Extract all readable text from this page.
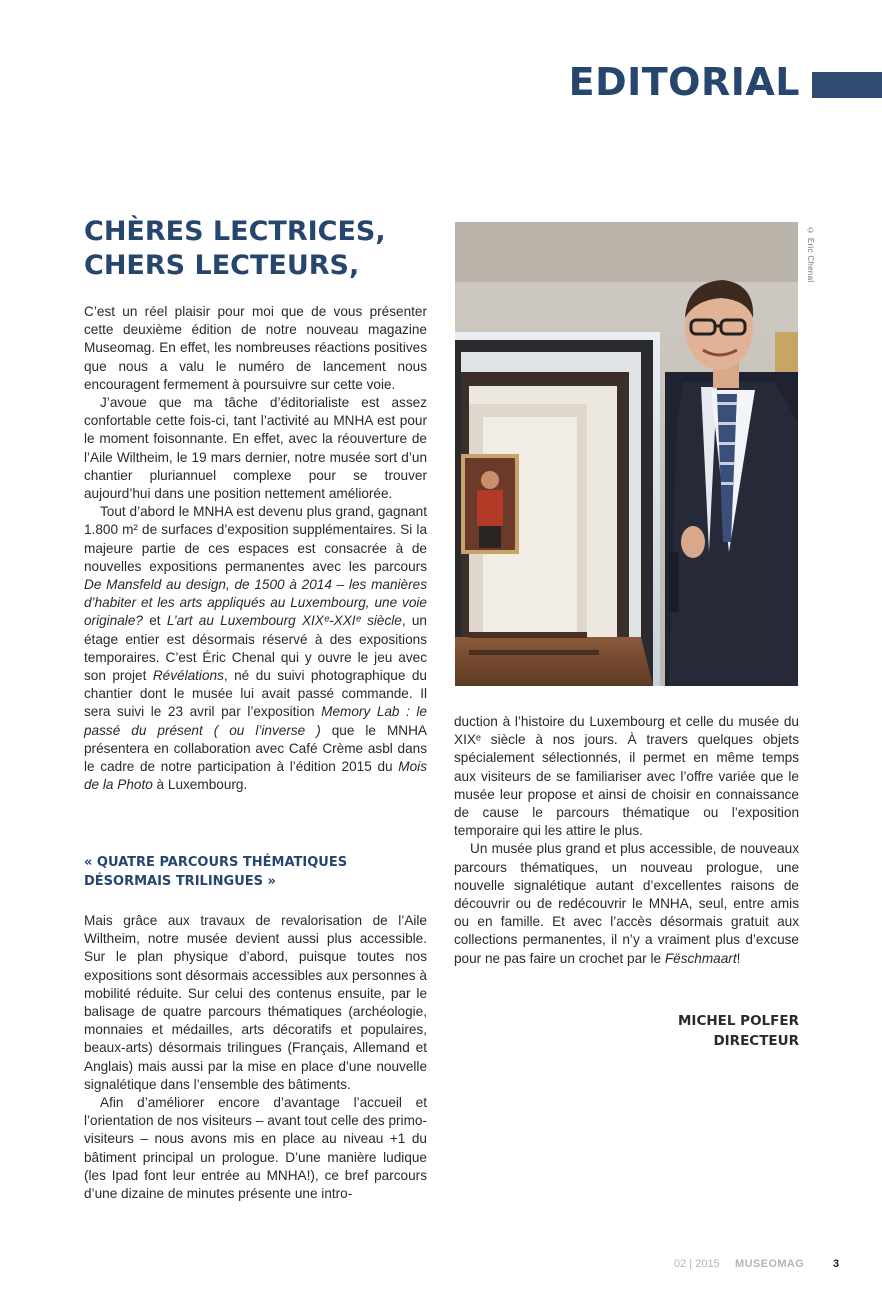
EDITORIAL
CHÈRES LECTRICES,
CHERS LECTEURS,

C’est un réel plaisir pour moi que de vous présenter cette deuxième édition de notre nouveau magazine Museomag. En effet, les nombreuses réactions positives que nous a valu le numéro de lancement nous encouragent fermement à poursuivre sur cette voie.

J’avoue que ma tâche d’éditorialiste est assez confortable cette fois-ci, tant l’activité au MNHA est pour le moment foisonnante. En effet, avec la réouverture de l’Aile Wiltheim, le 19 mars dernier, notre musée sort d’un chantier pluriannuel complexe pour se trouver aujourd’hui dans une position nettement améliorée.

Tout d’abord le MNHA est devenu plus grand, gagnant 1.800 m² de surfaces d’exposition supplémentaires. Si la majeure partie de ces espaces est consacrée à de nouvelles expositions permanentes avec les parcours De Mansfeld au design, de 1500 à 2014 – les manières d’habiter et les arts appliqués au Luxembourg, une voie originale? et L’art au Luxembourg XIXᵉ-XXIᵉ siècle, un étage entier est désormais réservé à des expositions temporaires. C’est Éric Chenal qui y ouvre le jeu avec son projet Révélations, né du suivi photographique du chantier dont le musée lui avait passé commande. Il sera suivi le 23 avril par l’exposition Memory Lab : le passé du présent ( ou l’inverse ) que le MNHA présentera en collaboration avec Café Crème asbl dans le cadre de notre participation à l’édition 2015 du Mois de la Photo à Luxembourg.

« QUATRE PARCOURS THÉMATIQUES
DÉSORMAIS TRILINGUES »

Mais grâce aux travaux de revalorisation de l’Aile Wiltheim, notre musée devient aussi plus accessible. Sur le plan physique d’abord, puisque toutes nos expositions sont désormais accessibles aux personnes à mobilité réduite. Sur celui des contenus ensuite, par le balisage de quatre parcours thématiques (archéologie, monnaies et médailles, arts décoratifs et populaires, beaux-arts) désormais trilingues (Français, Allemand et Anglais) mais aussi par la mise en place d’une nouvelle signalétique dans l’ensemble des bâtiments.

Afin d’améliorer encore d’avantage l’accueil et l’orientation de nos visiteurs – avant tout celle des primo-visiteurs – nous avons mis en place au niveau +1 du bâtiment principal un prologue. D’une manière ludique (les Ipad font leur entrée au MNHA!), ce bref parcours d’une dizaine de minutes présente une intro-

© Eric Chenal

duction à l’histoire du Luxembourg et celle du musée du XIXᵉ siècle à nos jours. À travers quelques objets spécialement sélectionnés, il permet en même temps aux visiteurs de se familiariser avec l’offre variée que le musée leur propose et ainsi de choisir en connaissance de cause le parcours thématique ou l’exposition temporaire qui les attire le plus.

Un musée plus grand et plus accessible, de nouveaux parcours thématiques, un nouveau prologue, une nouvelle signalétique autant d’excellentes raisons de découvrir ou de redécouvrir le MNHA, seul, entre amis ou en famille. Et avec l’accès désormais gratuit aux collections permanentes, il n’y a vraiment plus d’excuse pour ne pas faire un crochet par le Fëschmaart!

MICHEL POLFER
DIRECTEUR
02 | 2015 MUSEOMAG	3
